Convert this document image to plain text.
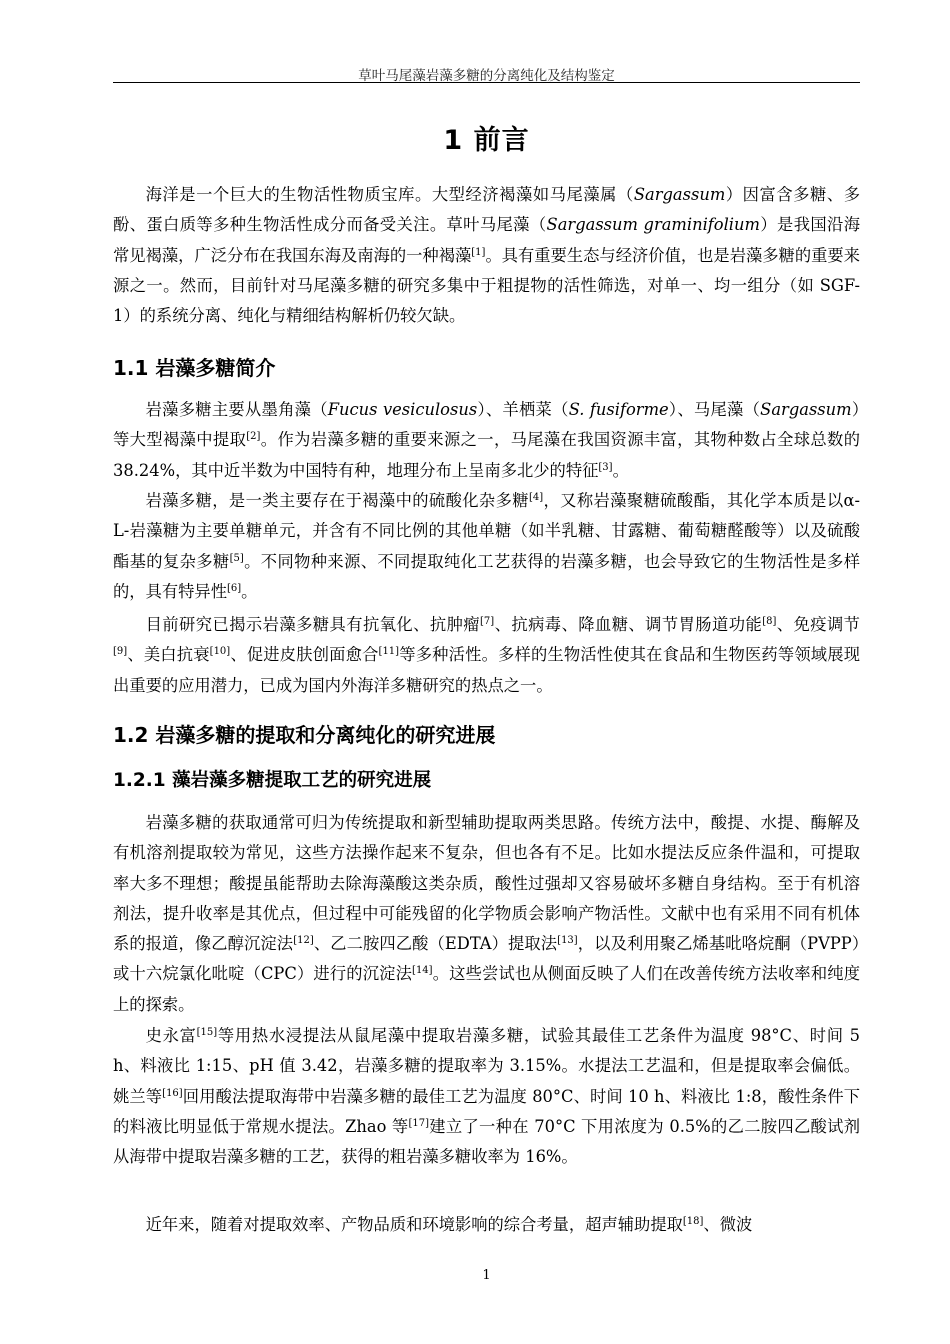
草叶马尾藻岩藻多糖的分离纯化及结构鉴定
1 前言

海洋是一个巨大的生物活性物质宝库。大型经济褐藻如马尾藻属（Sargassum）因富含多糖、多酚、蛋白质等多种生物活性成分而备受关注。草叶马尾藻（Sargassum graminifolium）是我国沿海常见褐藻，广泛分布在我国东海及南海的一种褐藻[1]。具有重要生态与经济价值，也是岩藻多糖的重要来源之一。然而，目前针对马尾藻多糖的研究多集中于粗提物的活性筛选，对单一、均一组分（如 SGF-1）的系统分离、纯化与精细结构解析仍较欠缺。

1.1 岩藻多糖简介

岩藻多糖主要从墨角藻（Fucus vesiculosus）、羊栖菜（S. fusiforme）、马尾藻（Sargassum）等大型褐藻中提取[2]。作为岩藻多糖的重要来源之一，马尾藻在我国资源丰富，其物种数占全球总数的 38.24%，其中近半数为中国特有种，地理分布上呈南多北少的特征[3]。

岩藻多糖，是一类主要存在于褐藻中的硫酸化杂多糖[4]，又称岩藻聚糖硫酸酯，其化学本质是以α-L-岩藻糖为主要单糖单元，并含有不同比例的其他单糖（如半乳糖、甘露糖、葡萄糖醛酸等）以及硫酸酯基的复杂多糖[5]。不同物种来源、不同提取纯化工艺获得的岩藻多糖，也会导致它的生物活性是多样的，具有特异性[6]。

目前研究已揭示岩藻多糖具有抗氧化、抗肿瘤[7]、抗病毒、降血糖、调节胃肠道功能[8]、免疫调节[9]、美白抗衰[10]、促进皮肤创面愈合[11]等多种活性。多样的生物活性使其在食品和生物医药等领域展现出重要的应用潜力，已成为国内外海洋多糖研究的热点之一。

1.2 岩藻多糖的提取和分离纯化的研究进展
1.2.1 藻岩藻多糖提取工艺的研究进展

岩藻多糖的获取通常可归为传统提取和新型辅助提取两类思路。传统方法中，酸提、水提、酶解及有机溶剂提取较为常见，这些方法操作起来不复杂，但也各有不足。比如水提法反应条件温和，可提取率大多不理想；酸提虽能帮助去除海藻酸这类杂质，酸性过强却又容易破坏多糖自身结构。至于有机溶剂法，提升收率是其优点，但过程中可能残留的化学物质会影响产物活性。文献中也有采用不同有机体系的报道，像乙醇沉淀法[12]、乙二胺四乙酸（EDTA）提取法[13]，以及利用聚乙烯基吡咯烷酮（PVPP）或十六烷氯化吡啶（CPC）进行的沉淀法[14]。这些尝试也从侧面反映了人们在改善传统方法收率和纯度上的探索。

史永富[15]等用热水浸提法从鼠尾藻中提取岩藻多糖，试验其最佳工艺条件为温度 98°C、时间 5 h、料液比 1:15、pH 值 3.42，岩藻多糖的提取率为 3.15%。水提法工艺温和，但是提取率会偏低。姚兰等[16]回用酸法提取海带中岩藻多糖的最佳工艺为温度 80°C、时间 10 h、料液比 1:8，酸性条件下的料液比明显低于常规水提法。Zhao 等[17]建立了一种在 70°C 下用浓度为 0.5%的乙二胺四乙酸试剂从海带中提取岩藻多糖的工艺，获得的粗岩藻多糖收率为 16%。

近年来，随着对提取效率、产物品质和环境影响的综合考量，超声辅助提取[18]、微波

1
